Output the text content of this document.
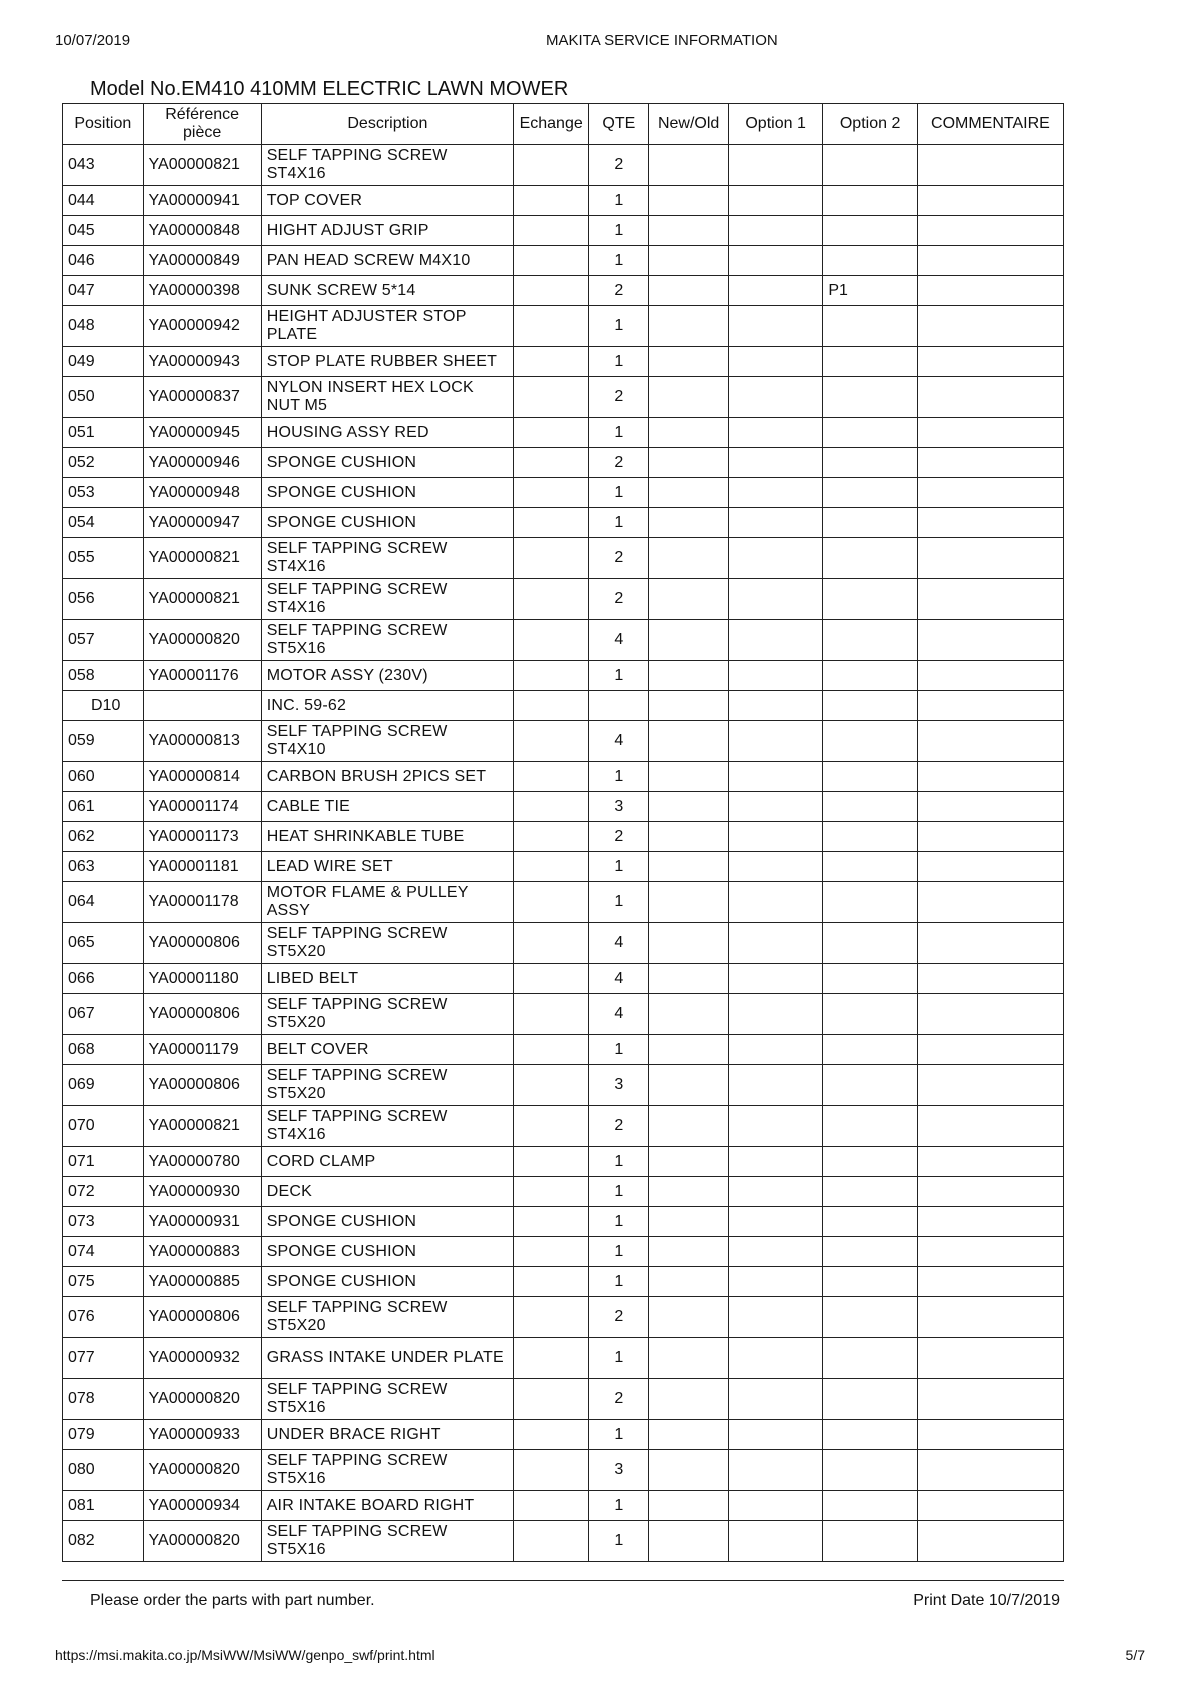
10/07/2019	MAKITA SERVICE INFORMATION
Model No.EM410 410MM ELECTRIC LAWN MOWER
Position	Référence pièce	Description	Echange	QTE	New/Old	Option 1	Option 2	COMMENTAIRE
043	YA00000821	SELF TAPPING SCREW ST4X16		2				
044	YA00000941	TOP COVER		1				
045	YA00000848	HIGHT ADJUST GRIP		1				
046	YA00000849	PAN HEAD SCREW M4X10		1				
047	YA00000398	SUNK SCREW 5*14		2			P1	
048	YA00000942	HEIGHT ADJUSTER STOP PLATE		1				
049	YA00000943	STOP PLATE RUBBER SHEET		1				
050	YA00000837	NYLON INSERT HEX LOCK NUT M5		2				
051	YA00000945	HOUSING ASSY RED		1				
052	YA00000946	SPONGE CUSHION		2				
053	YA00000948	SPONGE CUSHION		1				
054	YA00000947	SPONGE CUSHION		1				
055	YA00000821	SELF TAPPING SCREW ST4X16		2				
056	YA00000821	SELF TAPPING SCREW ST4X16		2				
057	YA00000820	SELF TAPPING SCREW ST5X16		4				
058	YA00001176	MOTOR ASSY (230V)		1				
D10		INC. 59-62						
059	YA00000813	SELF TAPPING SCREW ST4X10		4				
060	YA00000814	CARBON BRUSH 2PICS SET		1				
061	YA00001174	CABLE TIE		3				
062	YA00001173	HEAT SHRINKABLE TUBE		2				
063	YA00001181	LEAD WIRE SET		1				
064	YA00001178	MOTOR FLAME & PULLEY ASSY		1				
065	YA00000806	SELF TAPPING SCREW ST5X20		4				
066	YA00001180	LIBED BELT		4				
067	YA00000806	SELF TAPPING SCREW ST5X20		4				
068	YA00001179	BELT COVER		1				
069	YA00000806	SELF TAPPING SCREW ST5X20		3				
070	YA00000821	SELF TAPPING SCREW ST4X16		2				
071	YA00000780	CORD CLAMP		1				
072	YA00000930	DECK		1				
073	YA00000931	SPONGE CUSHION		1				
074	YA00000883	SPONGE CUSHION		1				
075	YA00000885	SPONGE CUSHION		1				
076	YA00000806	SELF TAPPING SCREW ST5X20		2				
077	YA00000932	GRASS INTAKE UNDER PLATE		1				
078	YA00000820	SELF TAPPING SCREW ST5X16		2				
079	YA00000933	UNDER BRACE RIGHT		1				
080	YA00000820	SELF TAPPING SCREW ST5X16		3				
081	YA00000934	AIR INTAKE BOARD RIGHT		1				
082	YA00000820	SELF TAPPING SCREW ST5X16		1				
Please order the parts with part number.	Print Date 10/7/2019
https://msi.makita.co.jp/MsiWW/MsiWW/genpo_swf/print.html	5/7
